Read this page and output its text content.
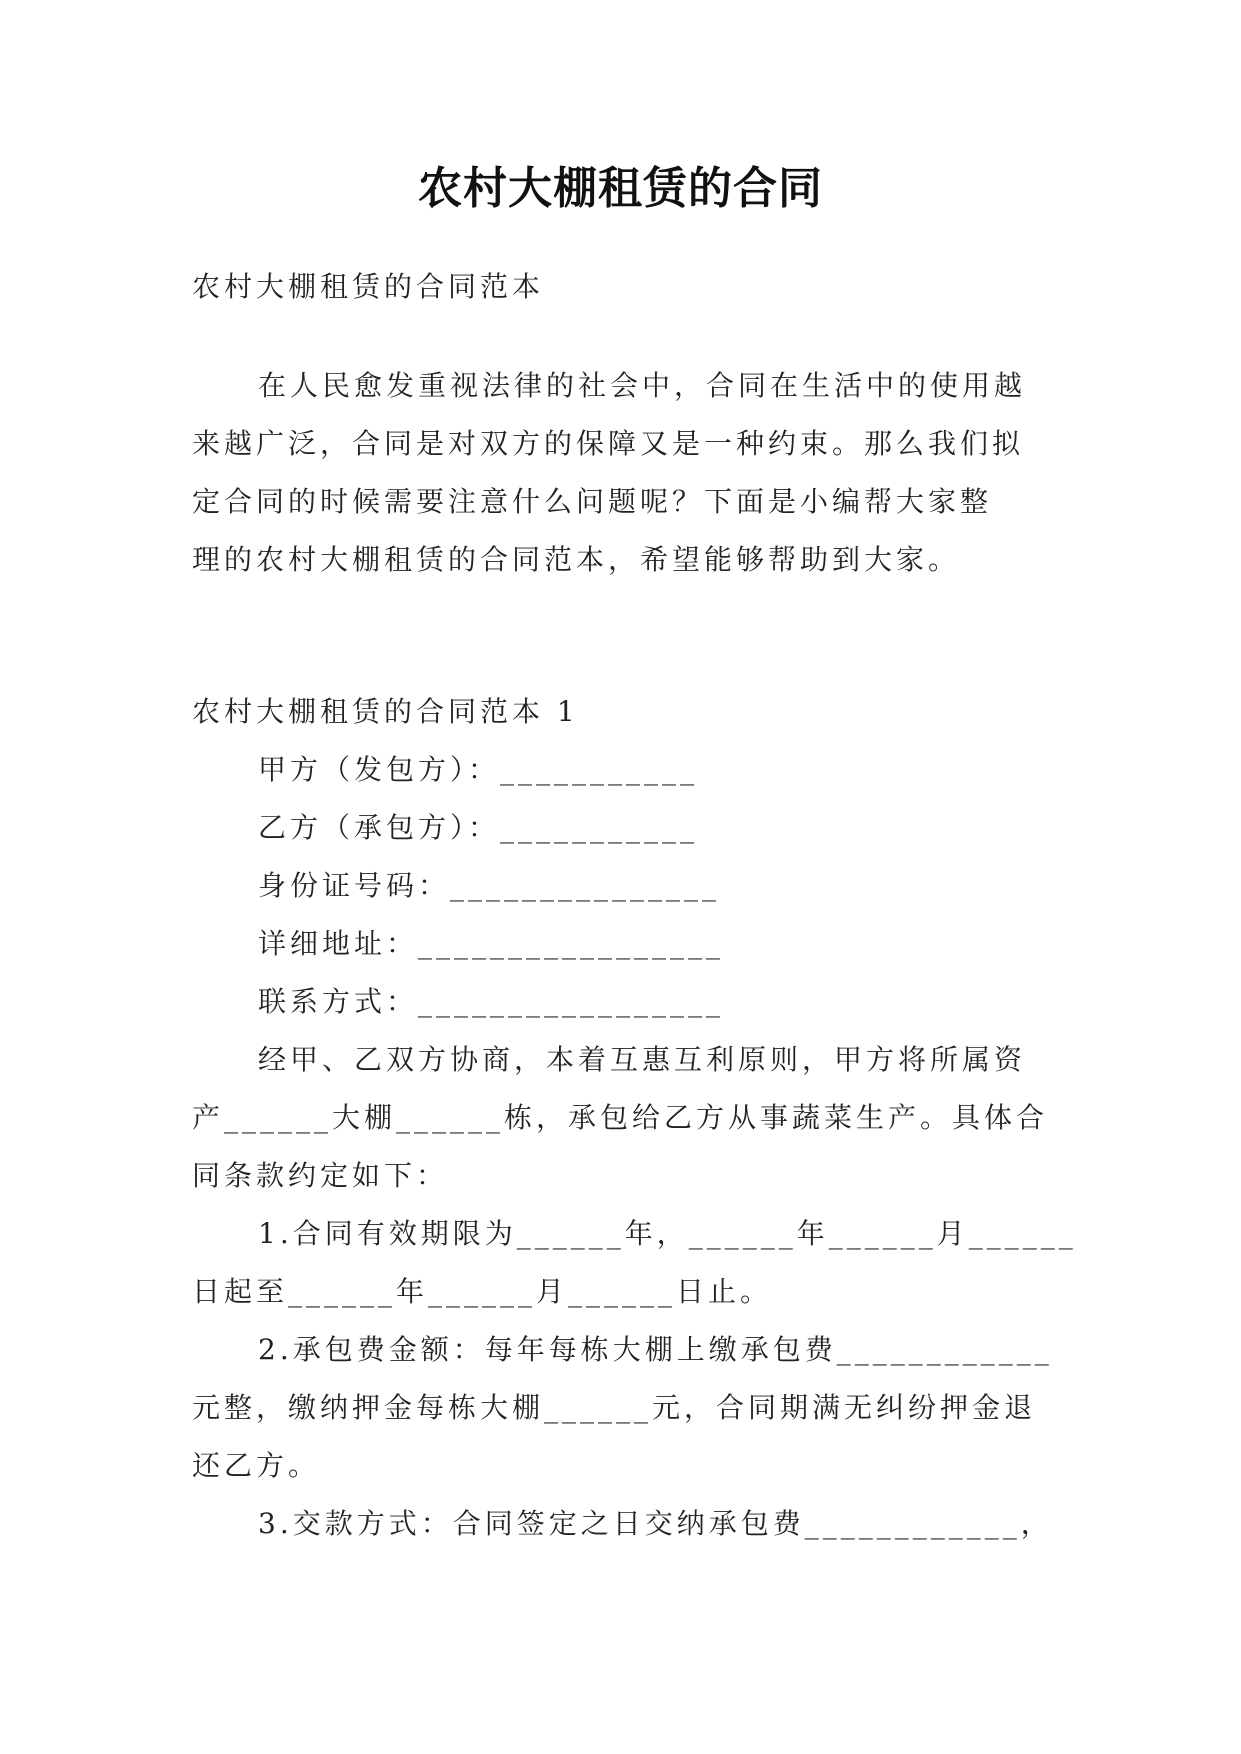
农村大棚租赁的合同
农村大棚租赁的合同范本
在人民愈发重视法律的社会中，合同在生活中的使用越
来越广泛，合同是对双方的保障又是一种约束。那么我们拟
定合同的时候需要注意什么问题呢？下面是小编帮大家整
理的农村大棚租赁的合同范本，希望能够帮助到大家。
农村大棚租赁的合同范本 1
甲方（发包方）：___________
乙方（承包方）：___________
身份证号码：_______________
详细地址：_________________
联系方式：_________________
经甲、乙双方协商，本着互惠互利原则，甲方将所属资
产______大棚______栋，承包给乙方从事蔬菜生产。具体合
同条款约定如下：
1.合同有效期限为______年，______年______月______
日起至______年______月______日止。
2.承包费金额：每年每栋大棚上缴承包费____________
元整，缴纳押金每栋大棚______元，合同期满无纠纷押金退
还乙方。
3.交款方式：合同签定之日交纳承包费____________，
